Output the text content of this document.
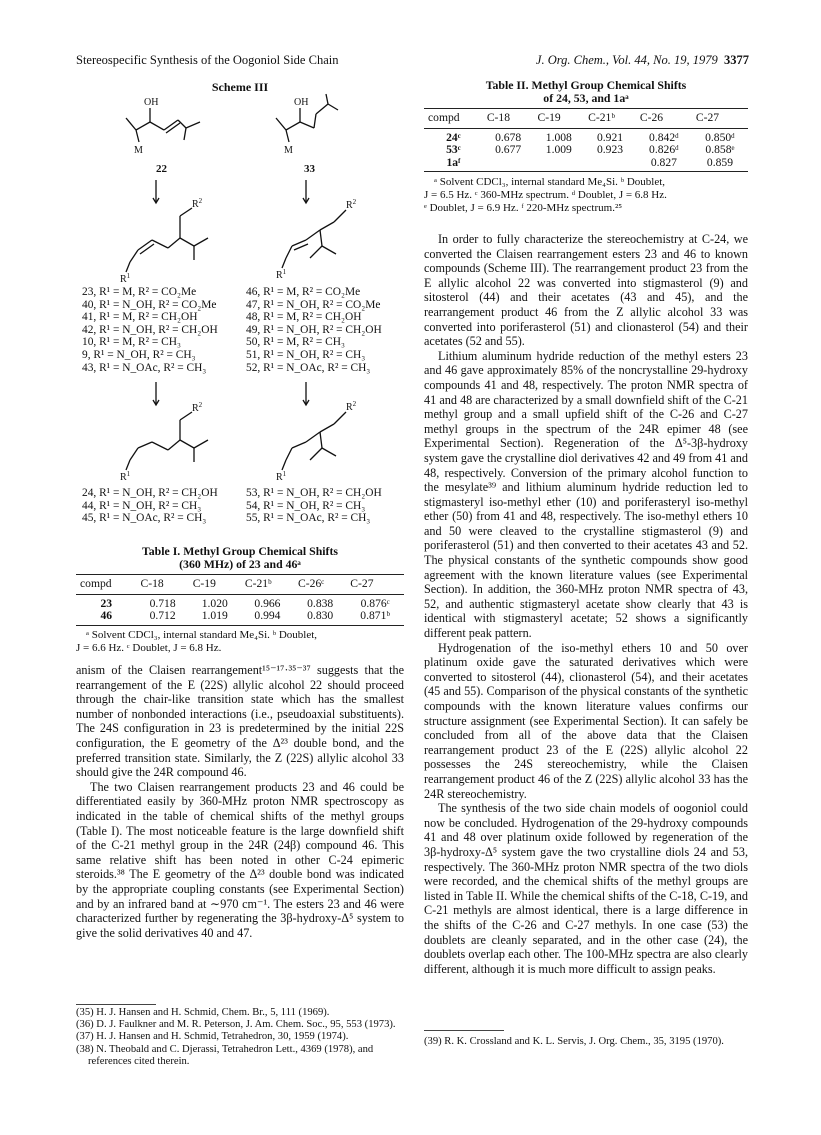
Stereospecific Synthesis of the Oogoniol Side Chain	J. Org. Chem., Vol. 44, No. 19, 1979 3377
Scheme III
OH
M
OH
M
22	33
$R^2$
$R^1$
$R^2$
$R^1$
$R^2$
$R^1$
$R^2$
$R^1$
23, R¹ = M, R² = CO₂Me
40, R¹ = N_OH, R² = CO₂Me
41, R¹ = M, R² = CH₂OH
42, R¹ = N_OH, R² = CH₂OH
10, R¹ = M, R² = CH₃
9, R¹ = N_OH, R² = CH₃
43, R¹ = N_OAc, R² = CH₃
46, R¹ = M, R² = CO₂Me
47, R¹ = N_OH, R² = CO₂Me
48, R¹ = M, R² = CH₂OH
49, R¹ = N_OH, R² = CH₂OH
50, R¹ = M, R² = CH₃
51, R¹ = N_OH, R² = CH₃
52, R¹ = N_OAc, R² = CH₃
24, R¹ = N_OH, R² = CH₂OH
44, R¹ = N_OH, R² = CH₃
45, R¹ = N_OAc, R² = CH₃
53, R¹ = N_OH, R² = CH₂OH
54, R¹ = N_OH, R² = CH₃
55, R¹ = N_OAc, R² = CH₃
Table I. Methyl Group Chemical Shifts
(360 MHz) of 23 and 46ᵃ
compd	C-18	C-19	C-21ᵇ	C-26ᶜ	C-27
23	0.718	1.020	0.966	0.838	0.876ᶜ
46	0.712	1.019	0.994	0.830	0.871ᵇ
ᵃ Solvent CDCl₃, internal standard Me₄Si. ᵇ Doublet,
J = 6.6 Hz. ᶜ Doublet, J = 6.8 Hz.

anism of the Claisen rearrangement¹⁵⁻¹⁷·³⁵⁻³⁷ suggests that the rearrangement of the E (22S) allylic alcohol 22 should proceed through the chair-like transition state which has the smallest number of nonbonded interactions (i.e., pseudoaxial substituents). The 24S configuration in 23 is predetermined by the initial 22S configuration, the E geometry of the Δ²³ double bond, and the preferred transition state. Similarly, the Z (22S) allylic alcohol 33 should give the 24R compound 46.

The two Claisen rearrangement products 23 and 46 could be differentiated easily by 360-MHz proton NMR spectroscopy as indicated in the table of chemical shifts of the methyl groups (Table I). The most noticeable feature is the large downfield shift of the C-21 methyl group in the 24R (24β) compound 46. This same relative shift has been noted in other C-24 epimeric steroids.³⁸ The E geometry of the Δ²³ double bond was indicated by the appropriate coupling constants (see Experimental Section) and by an infrared band at ∼970 cm⁻¹. The esters 23 and 46 were characterized further by regenerating the 3β-hydroxy-Δ⁵ system to give the solid derivatives 40 and 47.

(35) H. J. Hansen and H. Schmid, Chem. Br., 5, 111 (1969).
(36) D. J. Faulkner and M. R. Peterson, J. Am. Chem. Soc., 95, 553 (1973).
(37) H. J. Hansen and H. Schmid, Tetrahedron, 30, 1959 (1974).
(38) N. Theobald and C. Djerassi, Tetrahedron Lett., 4369 (1978), and references cited therein.
Table II. Methyl Group Chemical Shifts
of 24, 53, and 1aᵃ
compd	C-18	C-19	C-21ᵇ	C-26	C-27
24ᶜ	0.678	1.008	0.921	0.842ᵈ	0.850ᵈ
53ᶜ	0.677	1.009	0.923	0.826ᵈ	0.858ᵉ
1aᶠ				0.827	0.859
ᵃ Solvent CDCl₃, internal standard Me₄Si. ᵇ Doublet,
J = 6.5 Hz. ᶜ 360-MHz spectrum. ᵈ Doublet, J = 6.8 Hz.
ᵉ Doublet, J = 6.9 Hz. ᶠ 220-MHz spectrum.²⁵

In order to fully characterize the stereochemistry at C-24, we converted the Claisen rearrangement esters 23 and 46 to known compounds (Scheme III). The rearrangement product 23 from the E allylic alcohol 22 was converted into stigmasterol (9) and sitosterol (44) and their acetates (43 and 45), and the rearrangement product 46 from the Z allylic alcohol 33 was converted into poriferasterol (51) and clionasterol (54) and their acetates (52 and 55).

Lithium aluminum hydride reduction of the methyl esters 23 and 46 gave approximately 85% of the noncrystalline 29-hydroxy compounds 41 and 48, respectively. The proton NMR spectra of 41 and 48 are characterized by a small downfield shift of the C-21 methyl group and a small upfield shift of the C-26 and C-27 methyl groups in the spectrum of the 24R epimer 48 (see Experimental Section). Regeneration of the Δ⁵-3β-hydroxy system gave the crystalline diol derivatives 42 and 49 from 41 and 48, respectively. Conversion of the primary alcohol function to the mesylate³⁹ and lithium aluminum hydride reduction led to stigmasteryl iso-methyl ether (10) and poriferasteryl iso-methyl ether (50) from 41 and 48, respectively. The iso-methyl ethers 10 and 50 were cleaved to the crystalline stigmasterol (9) and poriferasterol (51) and then converted to their acetates 43 and 52. The physical constants of the synthetic compounds show good agreement with the known literature values (see Experimental Section). In addition, the 360-MHz proton NMR spectra of 43, 52, and authentic stigmasteryl acetate show clearly that 43 is identical with stigmasteryl acetate; 52 shows a significantly different peak pattern.

Hydrogenation of the iso-methyl ethers 10 and 50 over platinum oxide gave the saturated derivatives which were converted to sitosterol (44), clionasterol (54), and their acetates (45 and 55). Comparison of the physical constants of the synthetic compounds with the known literature values confirms our structure assignment (see Experimental Section). It can safely be concluded from all of the above data that the Claisen rearrangement product 23 of the E (22S) allylic alcohol 22 possesses the 24S stereochemistry, while the Claisen rearrangement product 46 of the Z (22S) allylic alcohol 33 has the 24R stereochemistry.

The synthesis of the two side chain models of oogoniol could now be concluded. Hydrogenation of the 29-hydroxy compounds 41 and 48 over platinum oxide followed by regeneration of the 3β-hydroxy-Δ⁵ system gave the two crystalline diols 24 and 53, respectively. The 360-MHz proton NMR spectra of the two diols were recorded, and the chemical shifts of the methyl groups are listed in Table II. While the chemical shifts of the C-18, C-19, and C-21 methyls are almost identical, there is a large difference in the shifts of the C-26 and C-27 methyls. In one case (53) the doublets are cleanly separated, and in the other case (24), the doublets overlap each other. The 100-MHz spectra are also clearly different, although it is much more difficult to assign peaks.

(39) R. K. Crossland and K. L. Servis, J. Org. Chem., 35, 3195 (1970).
